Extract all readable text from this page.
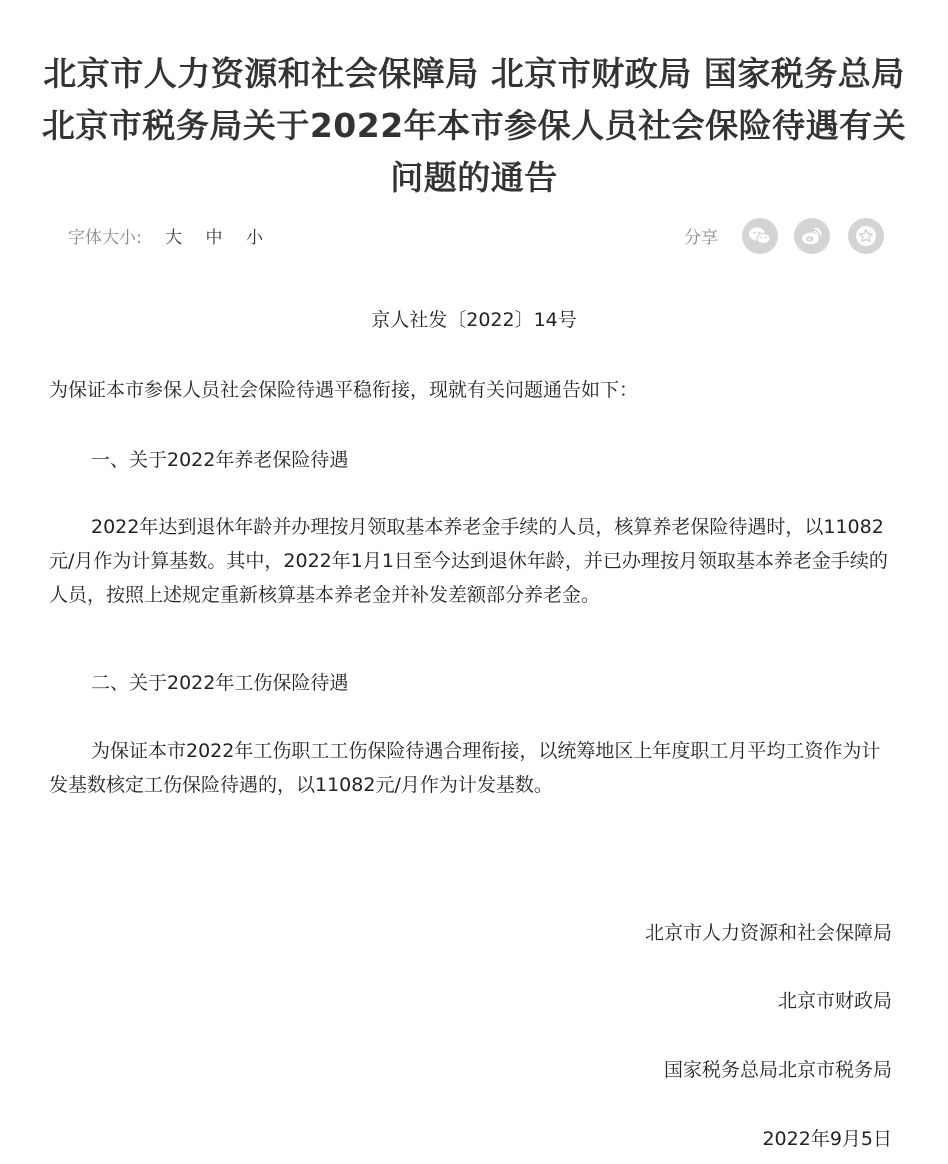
北京市人力资源和社会保障局 北京市财政局 国家税务总局北京市税务局关于2022年本市参保人员社会保险待遇有关问题的通告
字体大小: 大 中 小	分享
京人社发〔2022〕14号

为保证本市参保人员社会保险待遇平稳衔接，现就有关问题通告如下：

一、关于2022年养老保险待遇

2022年达到退休年龄并办理按月领取基本养老金手续的人员，核算养老保险待遇时，以11082元/月作为计算基数。其中，2022年1月1日至今达到退休年龄，并已办理按月领取基本养老金手续的人员，按照上述规定重新核算基本养老金并补发差额部分养老金。

二、关于2022年工伤保险待遇

为保证本市2022年工伤职工工伤保险待遇合理衔接，以统筹地区上年度职工月平均工资作为计发基数核定工伤保险待遇的，以11082元/月作为计发基数。

北京市人力资源和社会保障局
北京市财政局
国家税务总局北京市税务局
2022年9月5日
